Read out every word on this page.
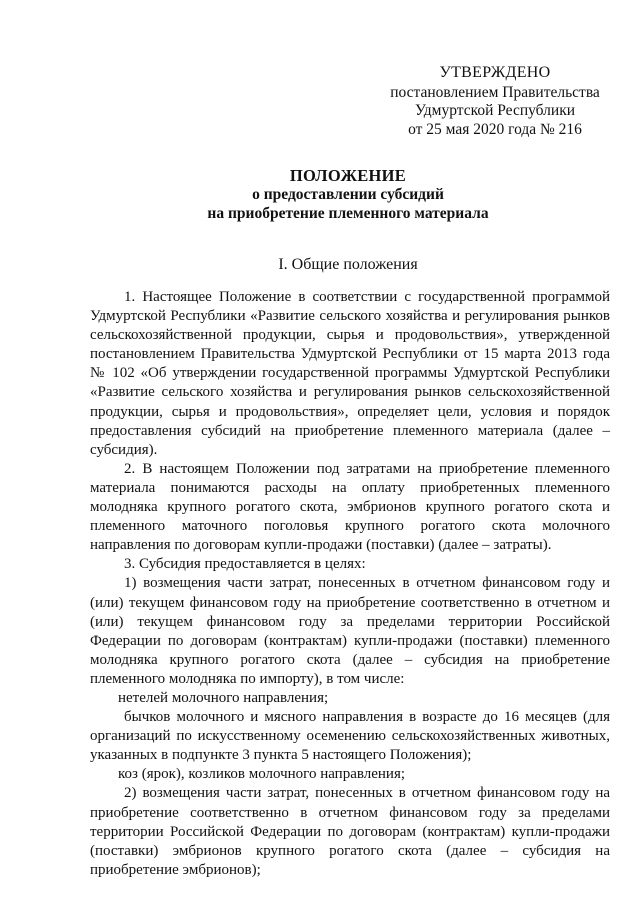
УТВЕРЖДЕНО
постановлением Правительства
Удмуртской Республики
от 25 мая 2020 года № 216
ПОЛОЖЕНИЕ
о предоставлении субсидий
на приобретение племенного материала
I. Общие положения

1. Настоящее Положение в соответствии с государственной программой Удмуртской Республики «Развитие сельского хозяйства и регулирования рынков сельскохозяйственной продукции, сырья и продовольствия», утвержденной постановлением Правительства Удмуртской Республики от 15 марта 2013 года № 102 «Об утверждении государственной программы Удмуртской Республики «Развитие сельского хозяйства и регулирования рынков сельскохозяйственной продукции, сырья и продовольствия», определяет цели, условия и порядок предоставления субсидий на приобретение племенного материала (далее – субсидия).

2. В настоящем Положении под затратами на приобретение племенного материала понимаются расходы на оплату приобретенных племенного молодняка крупного рогатого скота, эмбрионов крупного рогатого скота и племенного маточного поголовья крупного рогатого скота молочного направления по договорам купли-продажи (поставки) (далее – затраты).

3. Субсидия предоставляется в целях:

1) возмещения части затрат, понесенных в отчетном финансовом году и (или) текущем финансовом году на приобретение соответственно в отчетном и (или) текущем финансовом году за пределами территории Российской Федерации по договорам (контрактам) купли-продажи (поставки) племенного молодняка крупного рогатого скота (далее – субсидия на приобретение племенного молодняка по импорту), в том числе:

нетелей молочного направления;

бычков молочного и мясного направления в возрасте до 16 месяцев (для организаций по искусственному осеменению сельскохозяйственных животных, указанных в подпункте 3 пункта 5 настоящего Положения);

коз (ярок), козликов молочного направления;

2) возмещения части затрат, понесенных в отчетном финансовом году на приобретение соответственно в отчетном финансовом году за пределами территории Российской Федерации по договорам (контрактам) купли-продажи (поставки) эмбрионов крупного рогатого скота (далее – субсидия на приобретение эмбрионов);
